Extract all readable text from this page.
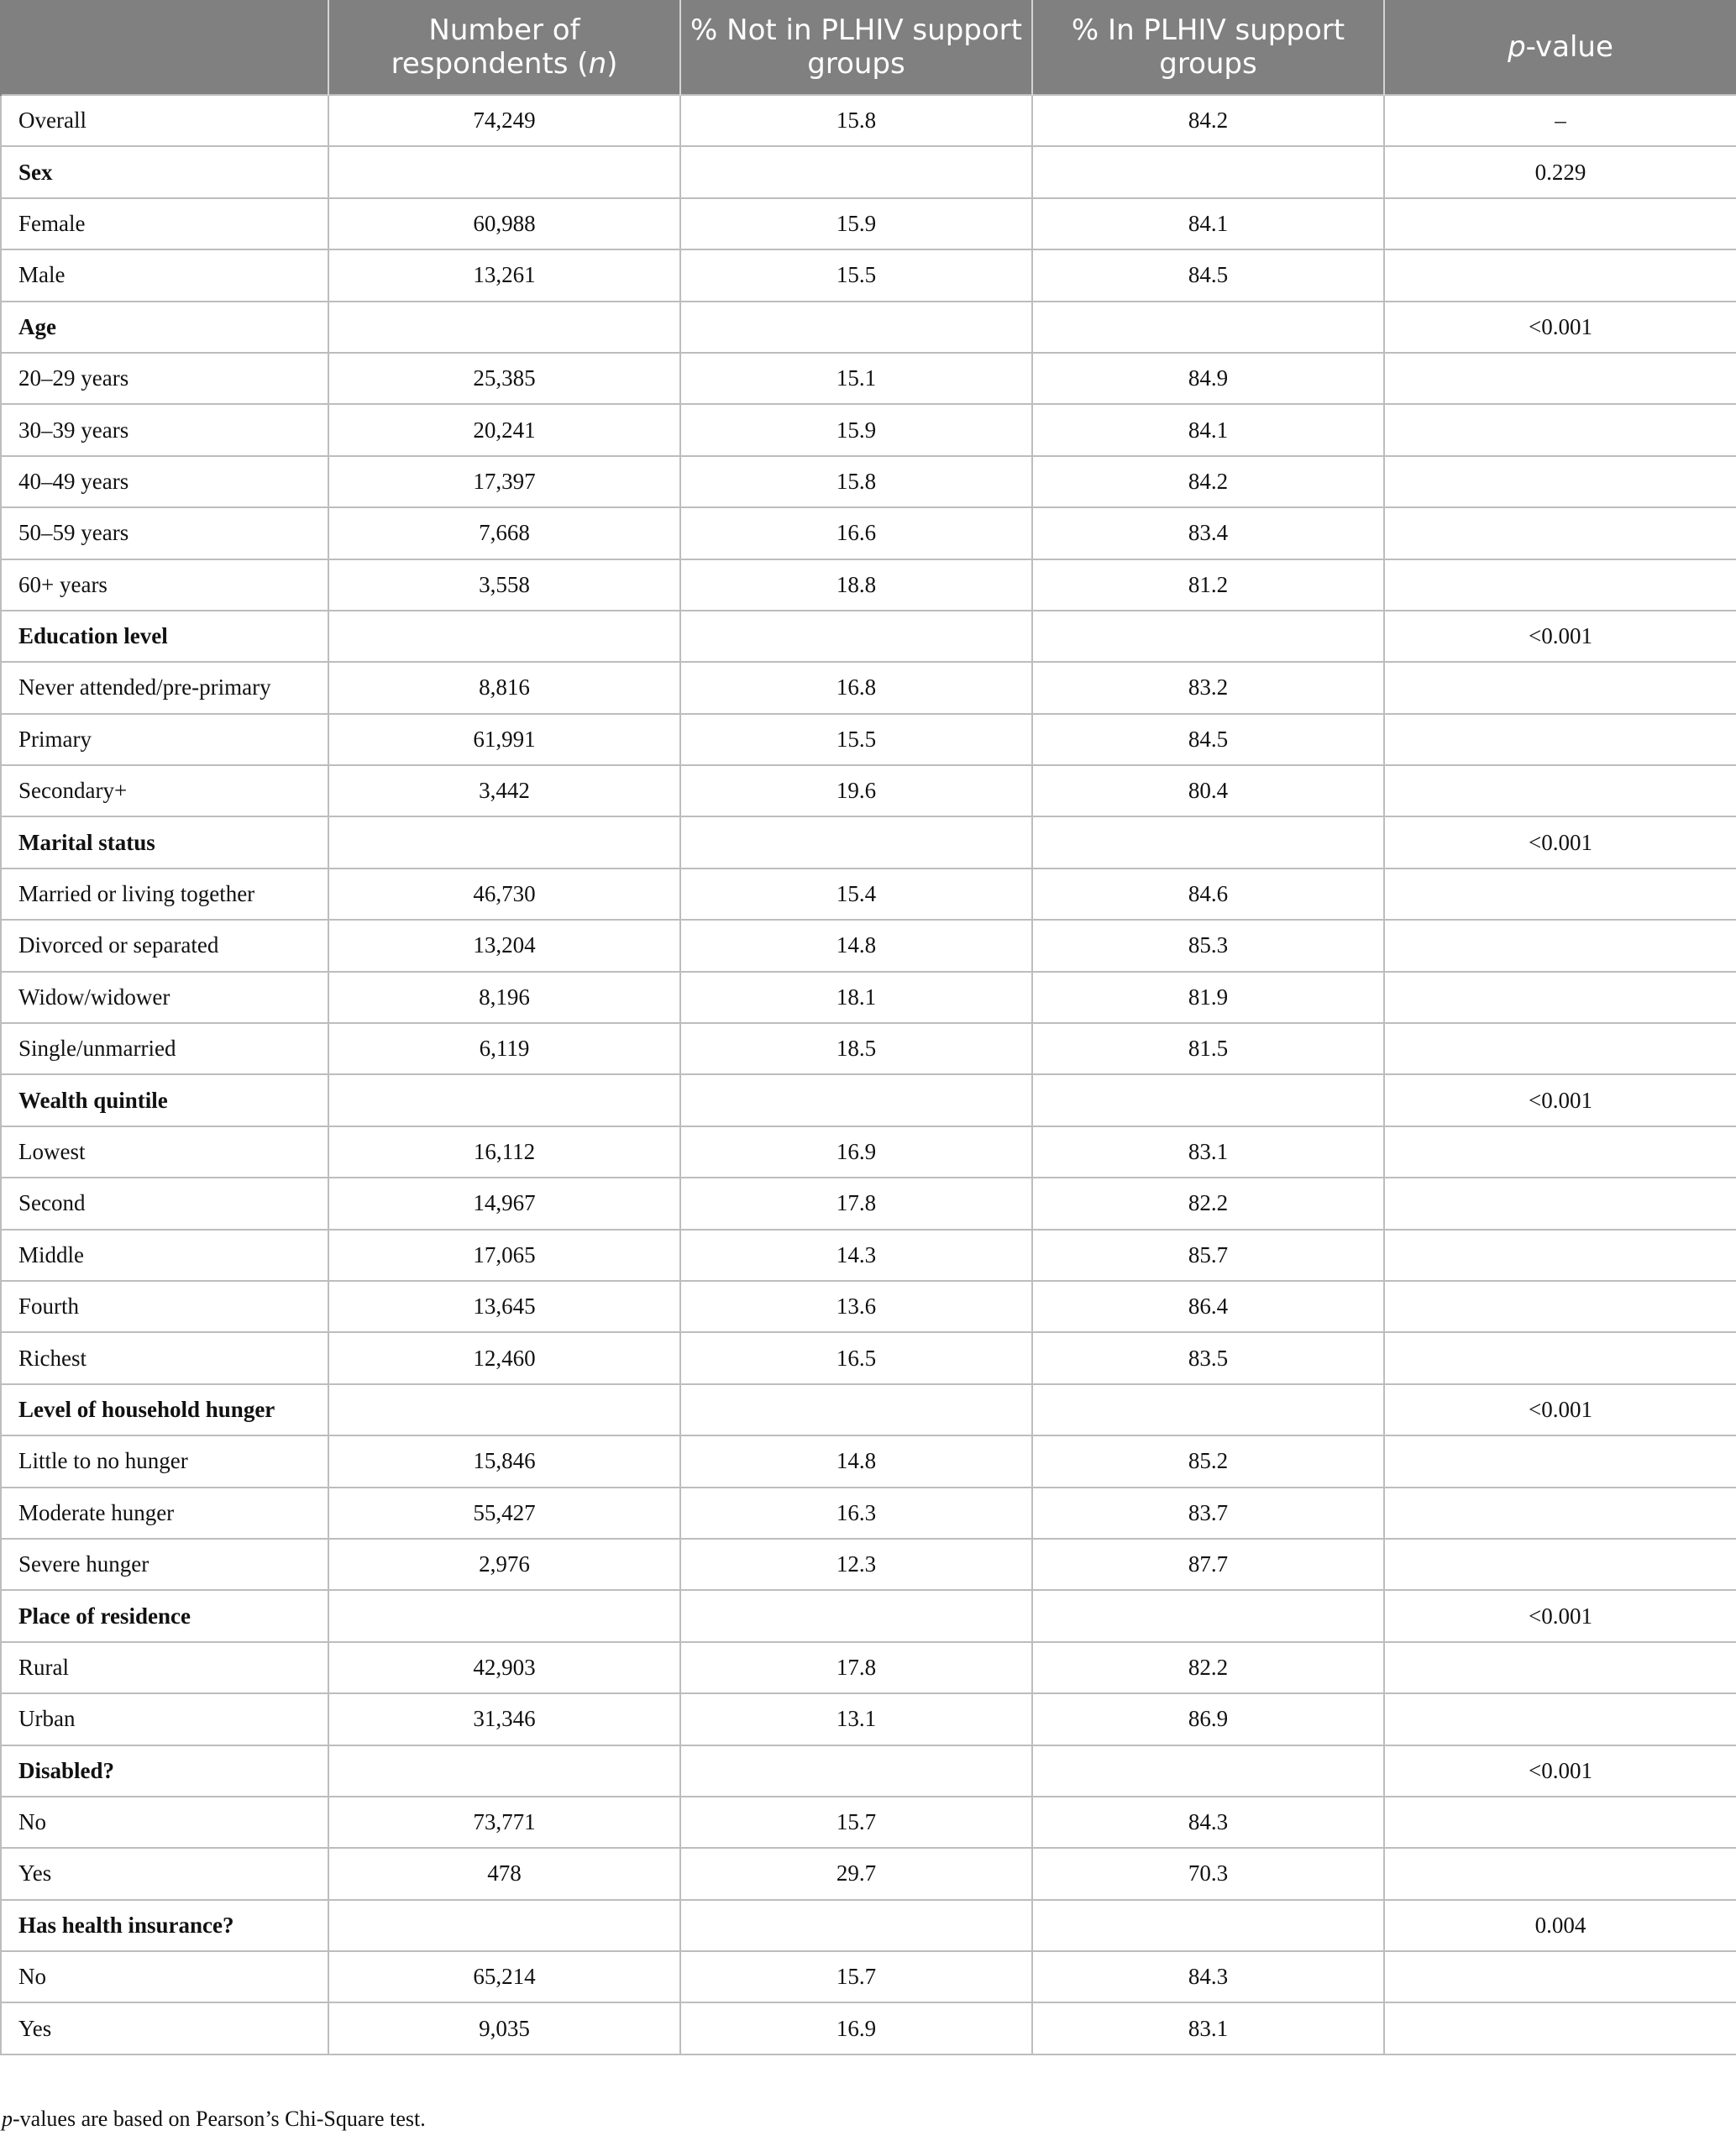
	Number of respondents (n)	% Not in PLHIV support groups	% In PLHIV support groups	p-value
Overall	74,249	15.8	84.2	–
Sex				0.229
Female	60,988	15.9	84.1	
Male	13,261	15.5	84.5	
Age				<0.001
20–29 years	25,385	15.1	84.9	
30–39 years	20,241	15.9	84.1	
40–49 years	17,397	15.8	84.2	
50–59 years	7,668	16.6	83.4	
60+ years	3,558	18.8	81.2	
Education level				<0.001
Never attended/pre-primary	8,816	16.8	83.2	
Primary	61,991	15.5	84.5	
Secondary+	3,442	19.6	80.4	
Marital status				<0.001
Married or living together	46,730	15.4	84.6	
Divorced or separated	13,204	14.8	85.3	
Widow/widower	8,196	18.1	81.9	
Single/unmarried	6,119	18.5	81.5	
Wealth quintile				<0.001
Lowest	16,112	16.9	83.1	
Second	14,967	17.8	82.2	
Middle	17,065	14.3	85.7	
Fourth	13,645	13.6	86.4	
Richest	12,460	16.5	83.5	
Level of household hunger				<0.001
Little to no hunger	15,846	14.8	85.2	
Moderate hunger	55,427	16.3	83.7	
Severe hunger	2,976	12.3	87.7	
Place of residence				<0.001
Rural	42,903	17.8	82.2	
Urban	31,346	13.1	86.9	
Disabled?				<0.001
No	73,771	15.7	84.3	
Yes	478	29.7	70.3	
Has health insurance?				0.004
No	65,214	15.7	84.3	
Yes	9,035	16.9	83.1	
p-values are based on Pearson’s Chi-Square test.
